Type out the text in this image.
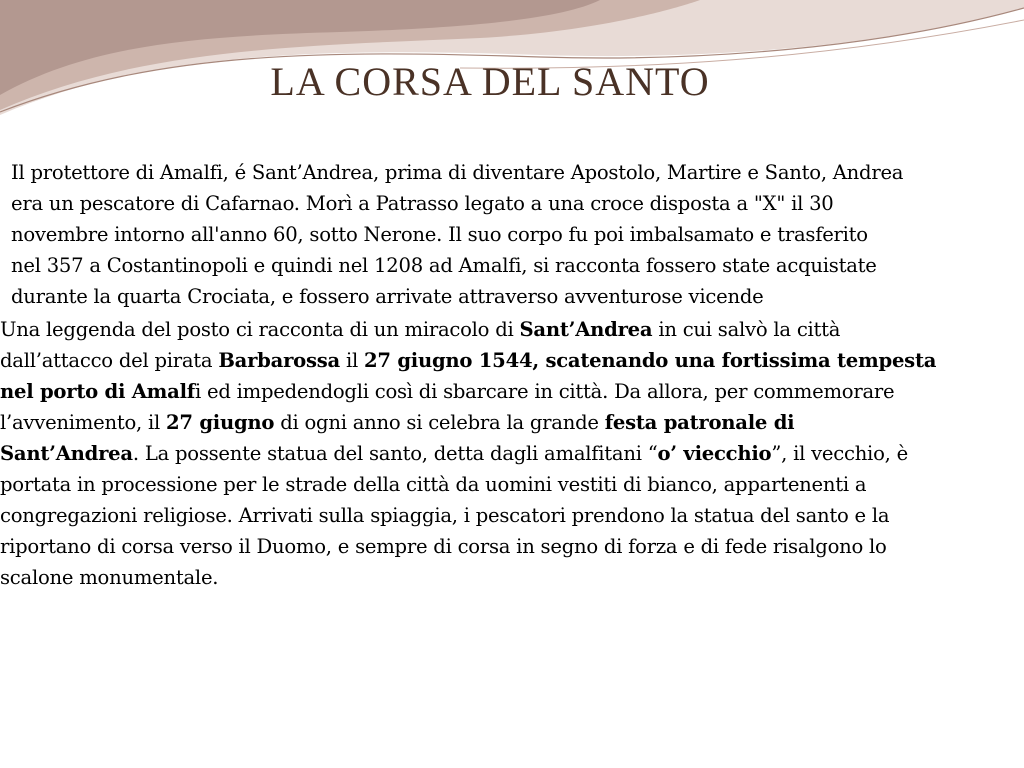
LA CORSA DEL SANTO

Il protettore di Amalfi, é Sant’Andrea, prima di diventare Apostolo, Martire e Santo, Andrea
era un pescatore di Cafarnao. Morì a Patrasso legato a una croce disposta a "X" il 30
novembre intorno all'anno 60, sotto Nerone. Il suo corpo fu poi imbalsamato e trasferito
nel 357 a Costantinopoli e quindi nel 1208 ad Amalfi, si racconta fossero state acquistate
durante la quarta Crociata, e fossero arrivate attraverso avventurose vicende

Una leggenda del posto ci racconta di un miracolo di Sant’Andrea in cui salvò la città
dall’attacco del pirata Barbarossa il 27 giugno 1544, scatenando una fortissima tempesta
nel porto di Amalfi ed impedendogli così di sbarcare in città. Da allora, per commemorare
l’avvenimento, il 27 giugno di ogni anno si celebra la grande festa patronale di
Sant’Andrea. La possente statua del santo, detta dagli amalfitani “o’ viecchio”, il vecchio, è
portata in processione per le strade della città da uomini vestiti di bianco, appartenenti a
congregazioni religiose. Arrivati sulla spiaggia, i pescatori prendono la statua del santo e la
riportano di corsa verso il Duomo, e sempre di corsa in segno di forza e di fede risalgono lo
scalone monumentale.
